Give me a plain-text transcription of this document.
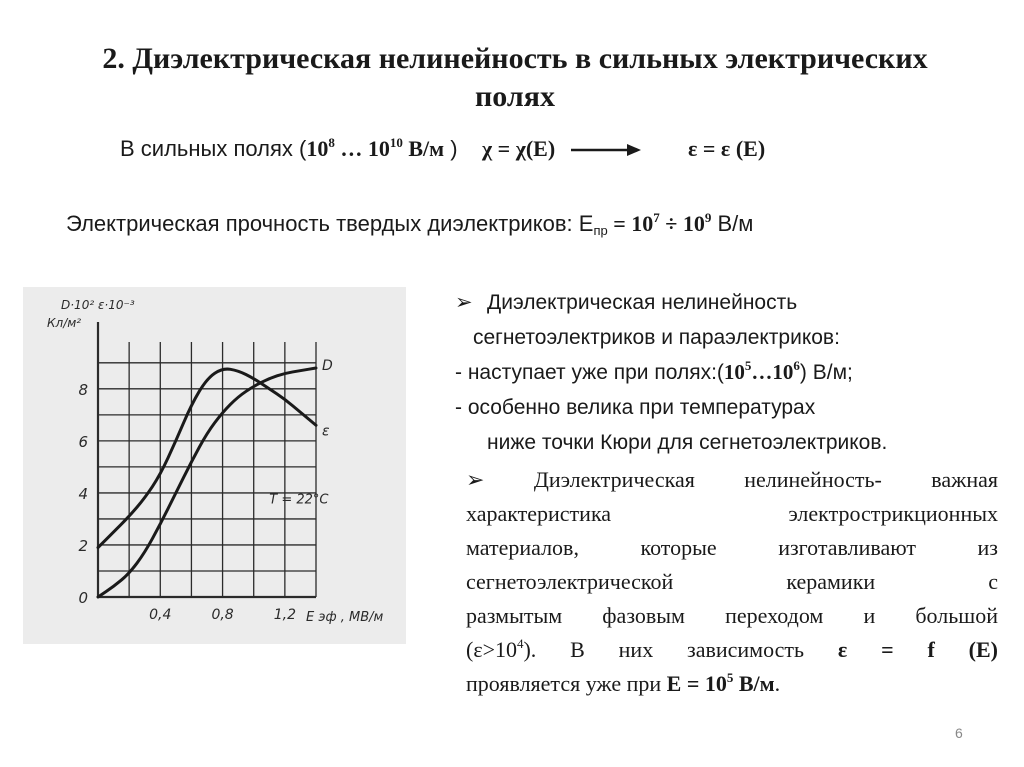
2. Диэлектрическая нелинейность в сильных электрических
полях
В сильных полях ($10^8$ … $10^{10}$ В/м ) χ = χ(E)	ε = ε (E)
Электрическая прочность твердых диэлектриков: $E_{пр} = 10^7 \div 10^9$ В/м
0
2
4
6
8
0,4	0,8	1,2
D·10² ε·10⁻³
Кл/м²
E эф , МВ/м
T = 22°C
D
ε
➢ Диэлектрическая нелинейность
сегнетоэлектриков и параэлектриков:
- наступает уже при $полях:(10^5\dots 10^6)$ В/м;
- особенно велика при температурах
ниже точки Кюри для сегнетоэлектриков.
➢ Диэлектрическая нелинейность- важная
характеристика электрострикционных
материалов, которые изготавливают из
сегнетоэлектрической керамики с
размытым фазовым переходом и большой
$(\varepsilon>10^4)$. В них зависимость ε = f (E)
проявляется уже при $E = 10^5$ В/м.
6
